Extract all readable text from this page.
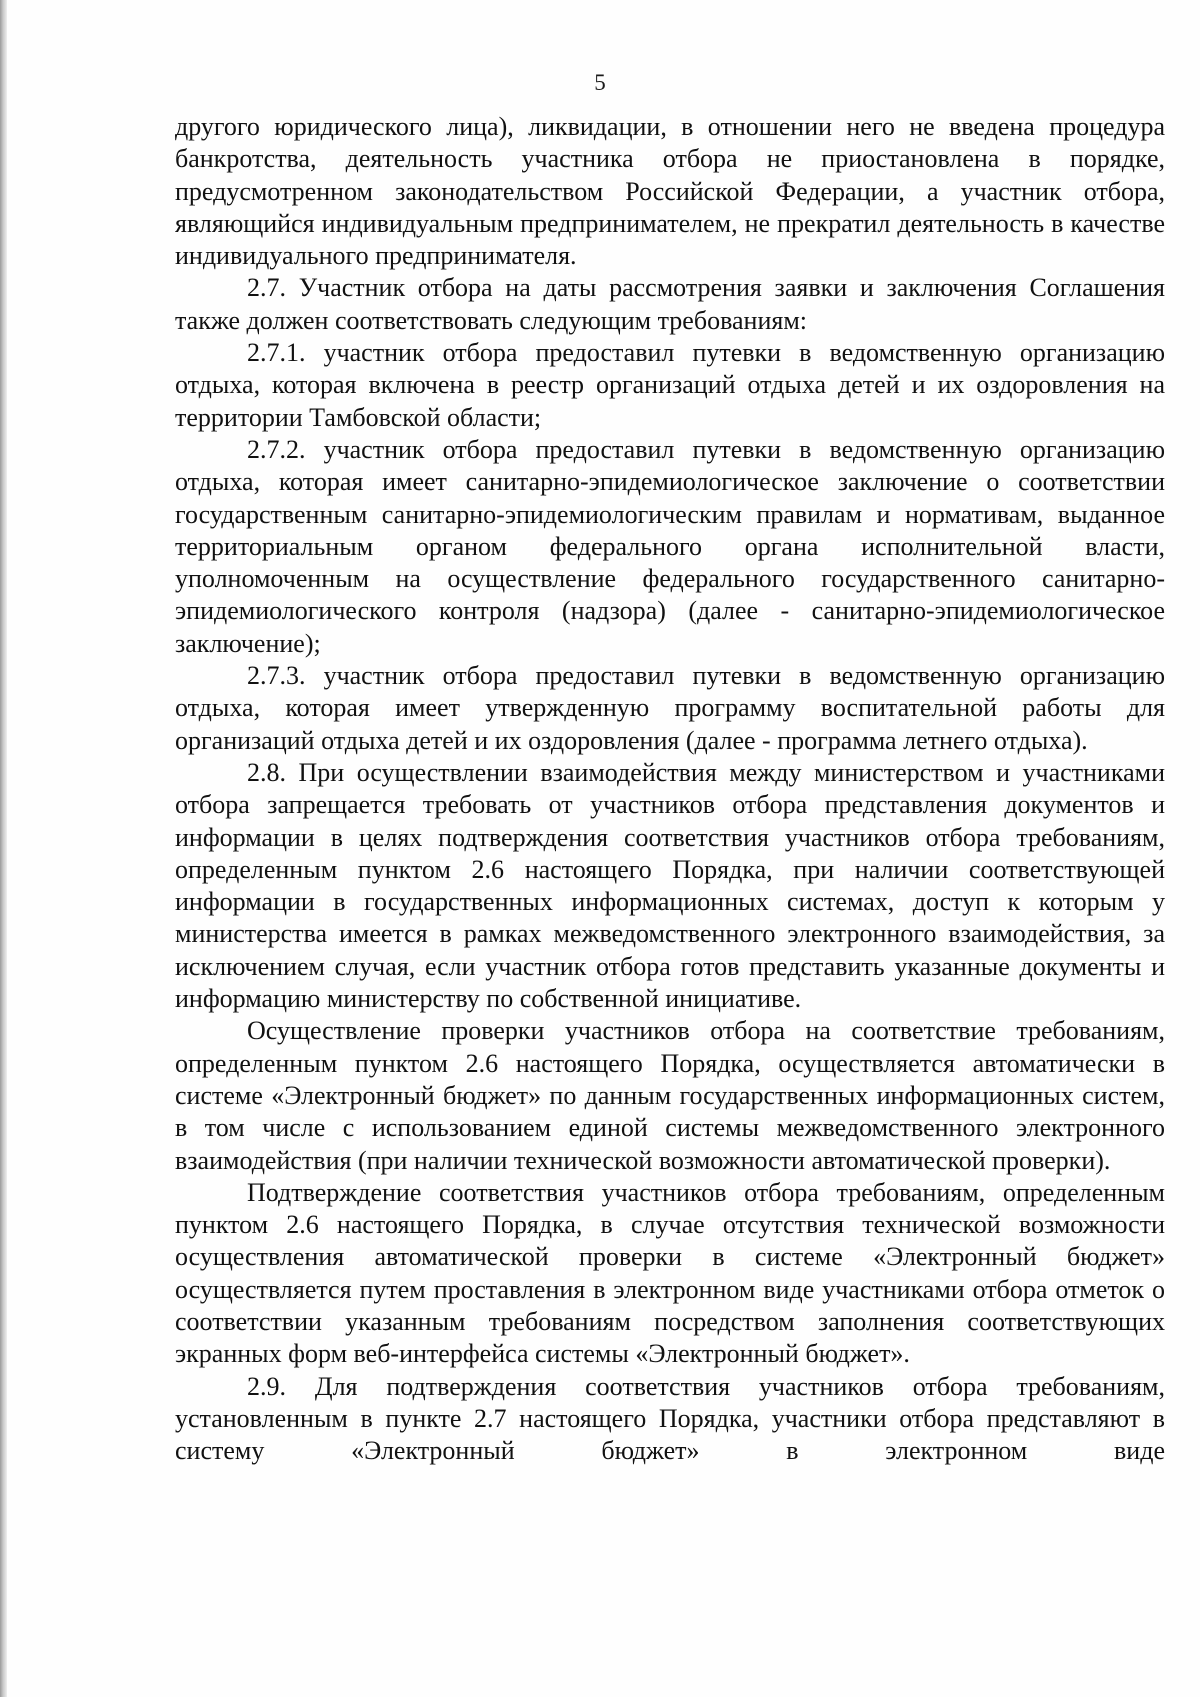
5

другого юридического лица), ликвидации, в отношении него не введена процедура банкротства, деятельность участника отбора не приостановлена в порядке, предусмотренном законодательством Российской Федерации, а участник отбора, являющийся индивидуальным предпринимателем, не прекратил деятельность в качестве индивидуального предпринимателя.

2.7. Участник отбора на даты рассмотрения заявки и заключения Соглашения также должен соответствовать следующим требованиям:

2.7.1. участник отбора предоставил путевки в ведомственную организацию отдыха, которая включена в реестр организаций отдыха детей и их оздоровления на территории Тамбовской области;

2.7.2. участник отбора предоставил путевки в ведомственную организацию отдыха, которая имеет санитарно-эпидемиологическое заключение о соответствии государственным санитарно-эпидемиологическим правилам и нормативам, выданное территориальным органом федерального органа исполнительной власти, уполномоченным на осуществление федерального государственного санитарно-эпидемиологического контроля (надзора) (далее - санитарно-эпидемиологическое заключение);

2.7.3. участник отбора предоставил путевки в ведомственную организацию отдыха, которая имеет утвержденную программу воспитательной работы для организаций отдыха детей и их оздоровления (далее - программа летнего отдыха).

2.8. При осуществлении взаимодействия между министерством и участниками отбора запрещается требовать от участников отбора представления документов и информации в целях подтверждения соответствия участников отбора требованиям, определенным пунктом 2.6 настоящего Порядка, при наличии соответствующей информации в государственных информационных системах, доступ к которым у министерства имеется в рамках межведомственного электронного взаимодействия, за исключением случая, если участник отбора готов представить указанные документы и информацию министерству по собственной инициативе.

Осуществление проверки участников отбора на соответствие требованиям, определенным пунктом 2.6 настоящего Порядка, осуществляется автоматически в системе «Электронный бюджет» по данным государственных информационных систем, в том числе с использованием единой системы межведомственного электронного взаимодействия (при наличии технической возможности автоматической проверки).

Подтверждение соответствия участников отбора требованиям, определенным пунктом 2.6 настоящего Порядка, в случае отсутствия технической возможности осуществления автоматической проверки в системе «Электронный бюджет» осуществляется путем проставления в электронном виде участниками отбора отметок о соответствии указанным требованиям посредством заполнения соответствующих экранных форм веб-интерфейса системы «Электронный бюджет».

2.9. Для подтверждения соответствия участников отбора требованиям, установленным в пункте 2.7 настоящего Порядка, участники отбора представляют в систему «Электронный бюджет» в электронном виде
